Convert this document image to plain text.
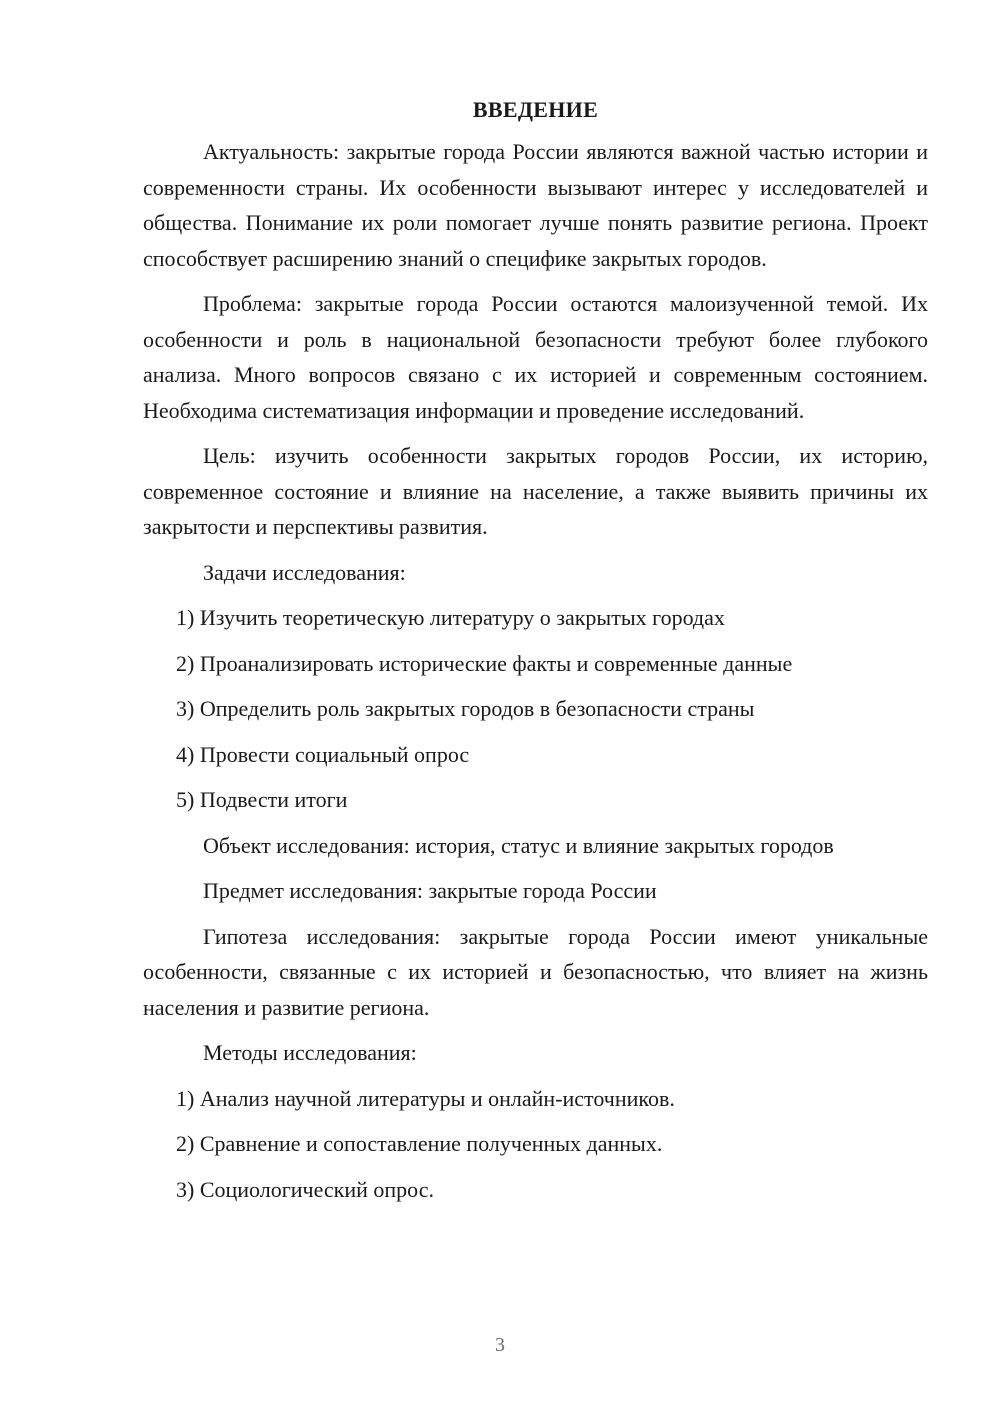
ВВЕДЕНИЕ

Актуальность: закрытые города России являются важной частью истории и современности страны. Их особенности вызывают интерес у исследователей и общества. Понимание их роли помогает лучше понять развитие региона. Проект способствует расширению знаний о специфике закрытых городов.

Проблема: закрытые города России остаются малоизученной темой. Их особенности и роль в национальной безопасности требуют более глубокого анализа. Много вопросов связано с их историей и современным состоянием. Необходима систематизация информации и проведение исследований.

Цель: изучить особенности закрытых городов России, их историю, современное состояние и влияние на население, а также выявить причины их закрытости и перспективы развития.

Задачи исследования:
1) Изучить теоретическую литературу о закрытых городах
2) Проанализировать исторические факты и современные данные
3) Определить роль закрытых городов в безопасности страны
4) Провести социальный опрос
5) Подвести итоги
Объект исследования: история, статус и влияние закрытых городов
Предмет исследования: закрытые города России

Гипотеза исследования: закрытые города России имеют уникальные особенности, связанные с их историей и безопасностью, что влияет на жизнь населения и развитие региона.

Методы исследования:
1) Анализ научной литературы и онлайн-источников.
2) Сравнение и сопоставление полученных данных.
3) Социологический опрос.
3
